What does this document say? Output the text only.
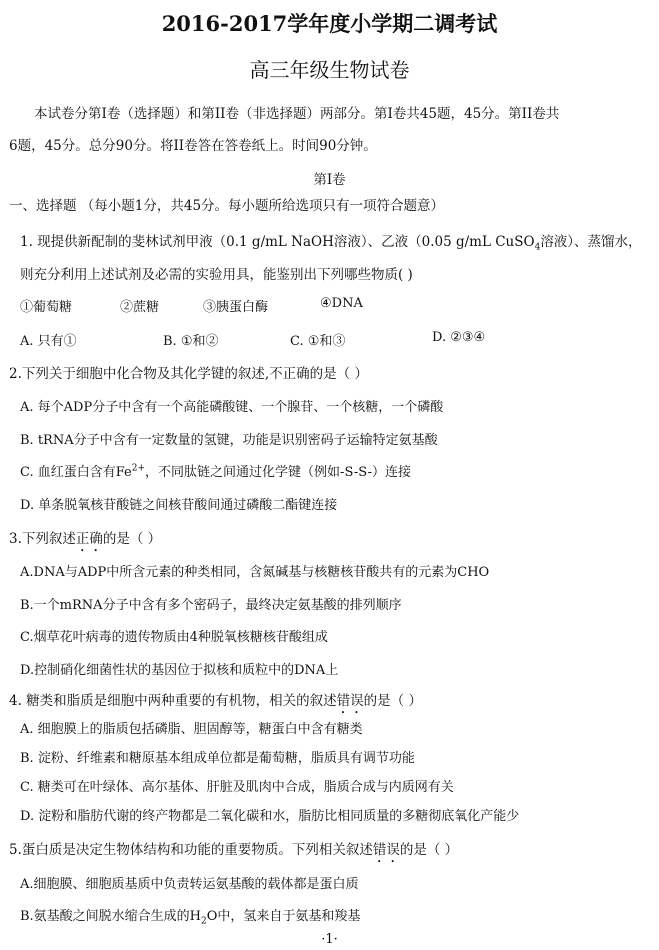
2016-2017学年度小学期二调考试
高三年级生物试卷
本试卷分第I卷（选择题）和第II卷（非选择题）两部分。第I卷共45题，45分。第II卷共
6题，45分。总分90分。将II卷答在答卷纸上。时间90分钟。
第I卷
一、选择题 （每小题1分，共45分。每小题所给选项只有一项符合题意）
1. 现提供新配制的斐林试剂甲液（0.1 g/mL NaOH溶液）、乙液（0.05 g/mL CuSO$_4$溶液）、蒸馏水，
则充分利用上述试剂及必需的实验用具，能鉴别出下列哪些物质( )
①葡萄糖	②蔗糖	③胰蛋白酶	④DNA
A. 只有①	B. ①和②	C. ①和③	D. ②③④
2.下列关于细胞中化合物及其化学键的叙述,不正确的是（ ）
A. 每个ADP分子中含有一个高能磷酸键、一个腺苷、一个核糖，一个磷酸
B. tRNA分子中含有一定数量的氢键，功能是识别密码子运输特定氨基酸
C. 血红蛋白含有$Fe^{2+}$，不同肽链之间通过化学键（例如-S-S-）连接
D. 单条脱氧核苷酸链之间核苷酸间通过磷酸二酯键连接
3.下列叙述正确的是（ ）
A.DNA与ADP中所含元素的种类相同，含氮碱基与核糖核苷酸共有的元素为CHO
B.一个mRNA分子中含有多个密码子，最终决定氨基酸的排列顺序
C.烟草花叶病毒的遗传物质由4种脱氧核糖核苷酸组成
D.控制硝化细菌性状的基因位于拟核和质粒中的DNA上
4. 糖类和脂质是细胞中两种重要的有机物，相关的叙述错误的是（ ）
A. 细胞膜上的脂质包括磷脂、胆固醇等，糖蛋白中含有糖类
B. 淀粉、纤维素和糖原基本组成单位都是葡萄糖，脂质具有调节功能
C. 糖类可在叶绿体、高尔基体、肝脏及肌肉中合成，脂质合成与内质网有关
D. 淀粉和脂肪代谢的终产物都是二氧化碳和水，脂肪比相同质量的多糖彻底氧化产能少
5.蛋白质是决定生物体结构和功能的重要物质。下列相关叙述错误的是（ ）
A.细胞膜、细胞质基质中负责转运氨基酸的载体都是蛋白质
B.氨基酸之间脱水缩合生成的$H_2O$中，氢来自于氨基和羧基
·1·
